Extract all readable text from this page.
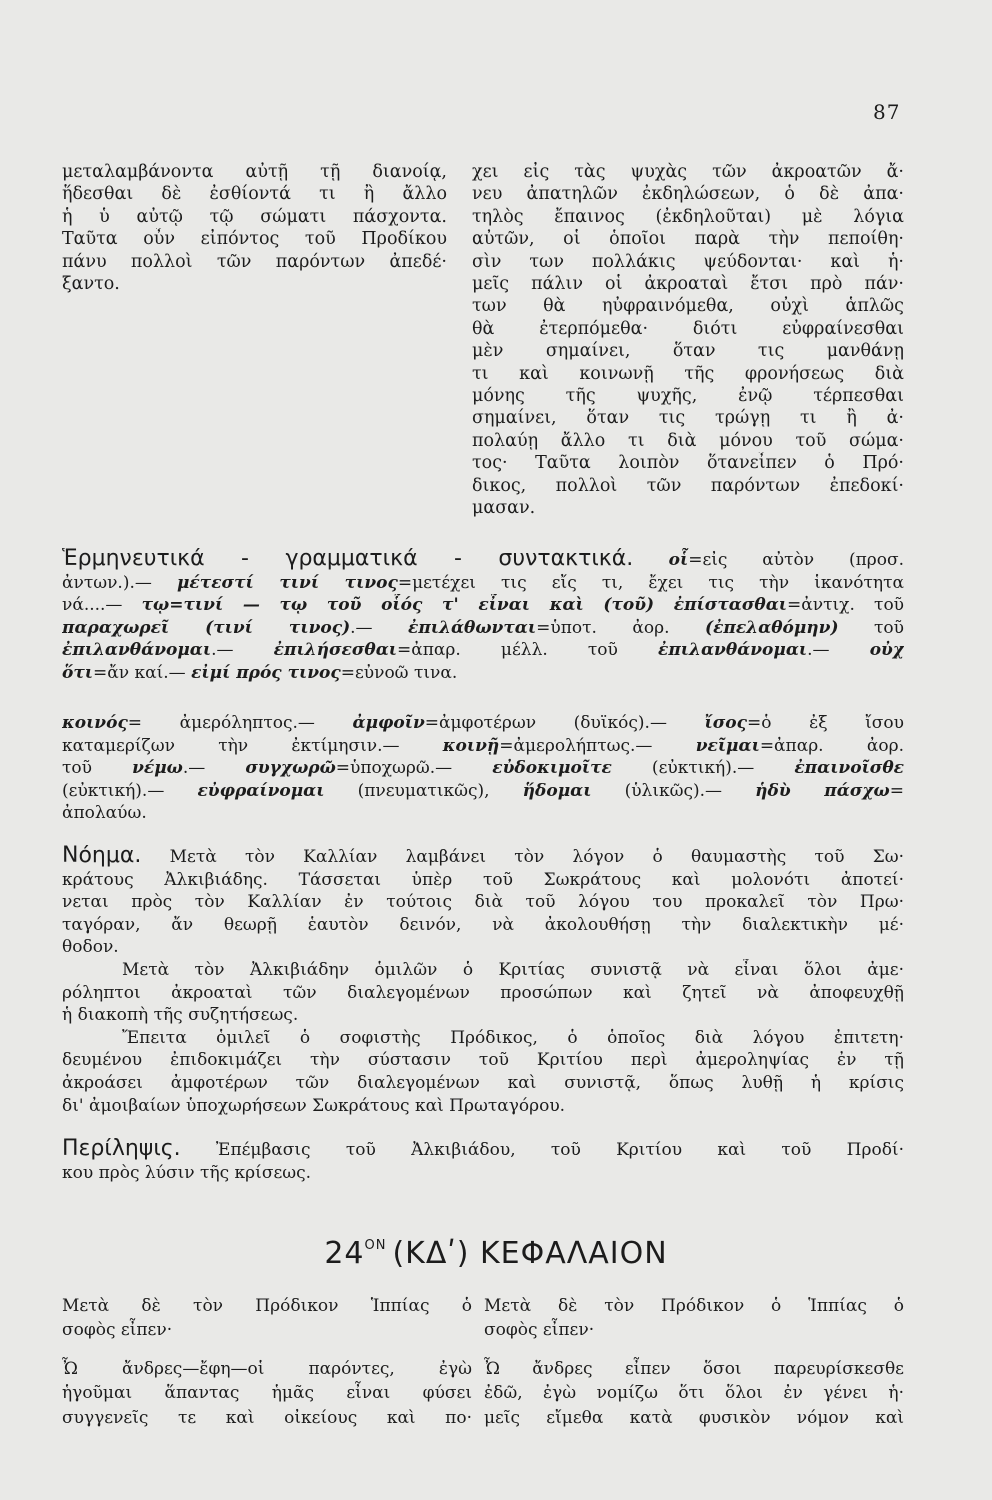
87
μεταλαμβάνοντα αὐτῇ τῇ διανοίᾳ,
ἥδεσθαι δὲ ἐσθίοντά τι ἢ ἄλλο
ἡ ὑ αὐτῷ τῷ σώματι πάσχοντα.
Ταῦτα οὖν εἰπόντος τοῦ Προδίκου
πάνυ πολλοὶ τῶν παρόντων ἀπεδέ·
ξαντο.
χει εἰς τὰς ψυχὰς τῶν ἀκροατῶν ἄ·
νευ ἀπατηλῶν ἐκδηλώσεων, ὁ δὲ ἀπα·
τηλὸς ἔπαινος (ἐκδηλοῦται) μὲ λόγια
αὐτῶν, οἱ ὁποῖοι παρὰ τὴν πεποίθη·
σὶν των πολλάκις ψεύδονται· καὶ ἡ·
μεῖς πάλιν οἱ ἀκροαταὶ ἔτσι πρὸ πάν·
των θὰ ηὐφραινόμεθα, οὐχὶ ἁπλῶς
θὰ ἐτερπόμεθα· διότι εὐφραίνεσθαι
μὲν σημαίνει, ὅταν τις μανθάνῃ
τι καὶ κοινωνῇ τῆς φρονήσεως διὰ
μόνης τῆς ψυχῆς, ἐνῷ τέρπεσθαι
σημαίνει, ὅταν τις τρώγῃ τι ἢ ἀ·
πολαύῃ ἄλλο τι διὰ μόνου τοῦ σώμα·
τος· Ταῦτα λοιπὸν ὅτανεἶπεν ὁ Πρό·
δικος, πολλοὶ τῶν παρόντων ἐπεδοκί·
μασαν.
Ἑρμηνευτικά - γραμματικά - συντακτικά. οἷ=εἰς αὐτὸν (προσ.
ἀντων.).— μέτεστί τινί τινος=μετέχει τις εἴς τι, ἔχει τις τὴν ἱκανότητα
νά....— τῳ=τινί — τῳ τοῦ οἷός τ' εἶναι καὶ (τοῦ) ἐπίστασθαι=ἀντιχ. τοῦ
παραχωρεῖ (τινί τινος).— ἐπιλάθωνται=ὑποτ. ἀορ. (ἐπελαθόμην) τοῦ
ἐπιλανθάνομαι.— ἐπιλήσεσθαι=ἀπαρ. μέλλ. τοῦ ἐπιλανθάνομαι.— οὐχ
ὅτι=ἄν καί.— εἰμί πρός τινος=εὐνοῶ τινα.
κοινός= ἀμερόληπτος.— ἀμφοῖν=ἀμφοτέρων (δυϊκός).— ἴσος=ὁ ἐξ ἴσου
καταμερίζων τὴν ἐκτίμησιν.— κοινῇ=ἀμερολήπτως.— νεῖμαι=ἀπαρ. ἀορ.
τοῦ νέμω.— συγχωρῶ=ὑποχωρῶ.— εὐδοκιμοῖτε (εὐκτική).— ἐπαινοῖσθε
(εὐκτική).— εὐφραίνομαι (πνευματικῶς), ἥδομαι (ὑλικῶς).— ἡδὺ πάσχω=
ἀπολαύω.
Νόημα. Μετὰ τὸν Καλλίαν λαμβάνει τὸν λόγον ὁ θαυμαστὴς τοῦ Σω·
κράτους Ἀλκιβιάδης. Τάσσεται ὑπὲρ τοῦ Σωκράτους καὶ μολονότι ἀποτεί·
νεται πρὸς τὸν Καλλίαν ἐν τούτοις διὰ τοῦ λόγου του προκαλεῖ τὸν Πρω·
ταγόραν, ἄν θεωρῇ ἑαυτὸν δεινόν, νὰ ἀκολουθήσῃ τὴν διαλεκτικὴν μέ·
θοδον.
Μετὰ τὸν Ἀλκιβιάδην ὁμιλῶν ὁ Κριτίας συνιστᾷ νὰ εἶναι ὅλοι ἀμε·
ρόληπτοι ἀκροαταὶ τῶν διαλεγομένων προσώπων καὶ ζητεῖ νὰ ἀποφευχθῇ
ἡ διακοπὴ τῆς συζητήσεως.
Ἔπειτα ὁμιλεῖ ὁ σοφιστὴς Πρόδικος, ὁ ὁποῖος διὰ λόγου ἐπιτετη·
δευμένου ἐπιδοκιμάζει τὴν σύστασιν τοῦ Κριτίου περὶ ἀμεροληψίας ἐν τῇ
ἀκροάσει ἀμφοτέρων τῶν διαλεγομένων καὶ συνιστᾷ, ὅπως λυθῇ ἡ κρίσις
δι' ἀμοιβαίων ὑποχωρήσεων Σωκράτους καὶ Πρωταγόρου.
Περίληψις. Ἐπέμβασις τοῦ Ἀλκιβιάδου, τοῦ Κριτίου καὶ τοῦ Προδί·
κου πρὸς λύσιν τῆς κρίσεως.
$24^{ON}$ (ΚΔʹ) ΚΕΦΑΛΑΙΟΝ
Μετὰ δὲ τὸν Πρόδικον Ἱππίας ὁ
σοφὸς εἶπεν·
Ὦ ἄνδρες—ἔφη—οἱ παρόντες, ἐγὼ
ἡγοῦμαι ἅπαντας ἡμᾶς εἶναι φύσει
συγγενεῖς τε καὶ οἰκείους καὶ πο·
Μετὰ δὲ τὸν Πρόδικον ὁ Ἱππίας ὁ
σοφὸς εἶπεν·
Ὦ ἄνδρες εἶπεν ὅσοι παρευρίσκεσθε
ἐδῶ, ἐγὼ νομίζω ὅτι ὅλοι ἐν γένει ἡ·
μεῖς εἴμεθα κατὰ φυσικὸν νόμον καὶ
